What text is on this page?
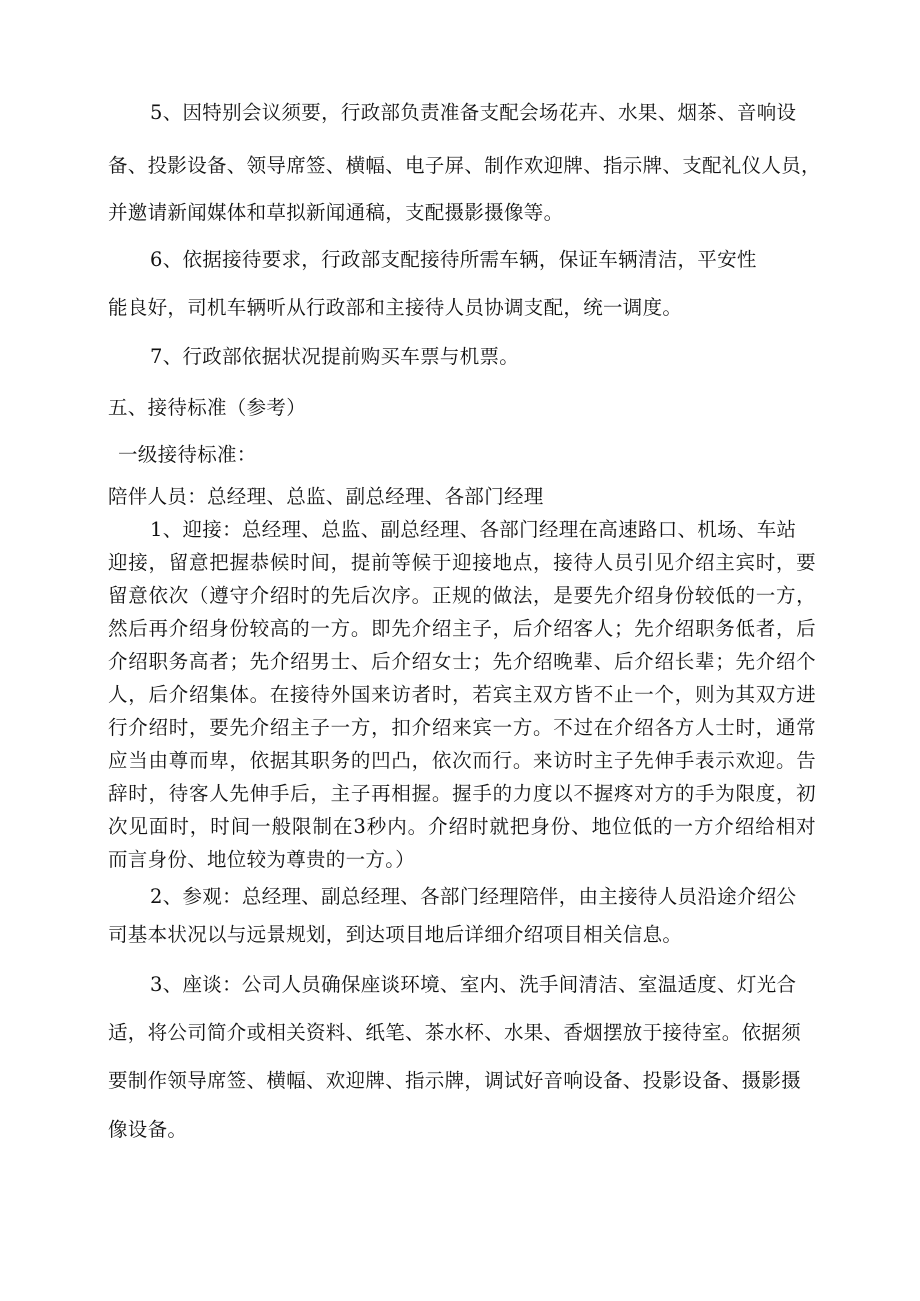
5、因特别会议须要，行政部负责准备支配会场花卉、水果、烟茶、音响设
备、投影设备、领导席签、横幅、电子屏、制作欢迎牌、指示牌、支配礼仪人员，
并邀请新闻媒体和草拟新闻通稿，支配摄影摄像等。
6、依据接待要求，行政部支配接待所需车辆，保证车辆清洁，平安性
能良好，司机车辆听从行政部和主接待人员协调支配，统一调度。
7、行政部依据状况提前购买车票与机票。
五、接待标准（参考）
一级接待标准：
陪伴人员：总经理、总监、副总经理、各部门经理
1、迎接：总经理、总监、副总经理、各部门经理在高速路口、机场、车站
迎接，留意把握恭候时间，提前等候于迎接地点，接待人员引见介绍主宾时，要
留意依次（遵守介绍时的先后次序。正规的做法，是要先介绍身份较低的一方，
然后再介绍身份较高的一方。即先介绍主子，后介绍客人；先介绍职务低者，后
介绍职务高者；先介绍男士、后介绍女士；先介绍晚辈、后介绍长辈；先介绍个
人，后介绍集体。在接待外国来访者时，若宾主双方皆不止一个，则为其双方进
行介绍时，要先介绍主子一方，扣介绍来宾一方。不过在介绍各方人士时，通常
应当由尊而卑，依据其职务的凹凸，依次而行。来访时主子先伸手表示欢迎。告
辞时，待客人先伸手后，主子再相握。握手的力度以不握疼对方的手为限度，初
次见面时，时间一般限制在3秒内。介绍时就把身份、地位低的一方介绍给相对
而言身份、地位较为尊贵的一方。）
2、参观：总经理、副总经理、各部门经理陪伴，由主接待人员沿途介绍公
司基本状况以与远景规划，到达项目地后详细介绍项目相关信息。
3、座谈：公司人员确保座谈环境、室内、洗手间清洁、室温适度、灯光合
适，将公司简介或相关资料、纸笔、茶水杯、水果、香烟摆放于接待室。依据须
要制作领导席签、横幅、欢迎牌、指示牌，调试好音响设备、投影设备、摄影摄
像设备。
